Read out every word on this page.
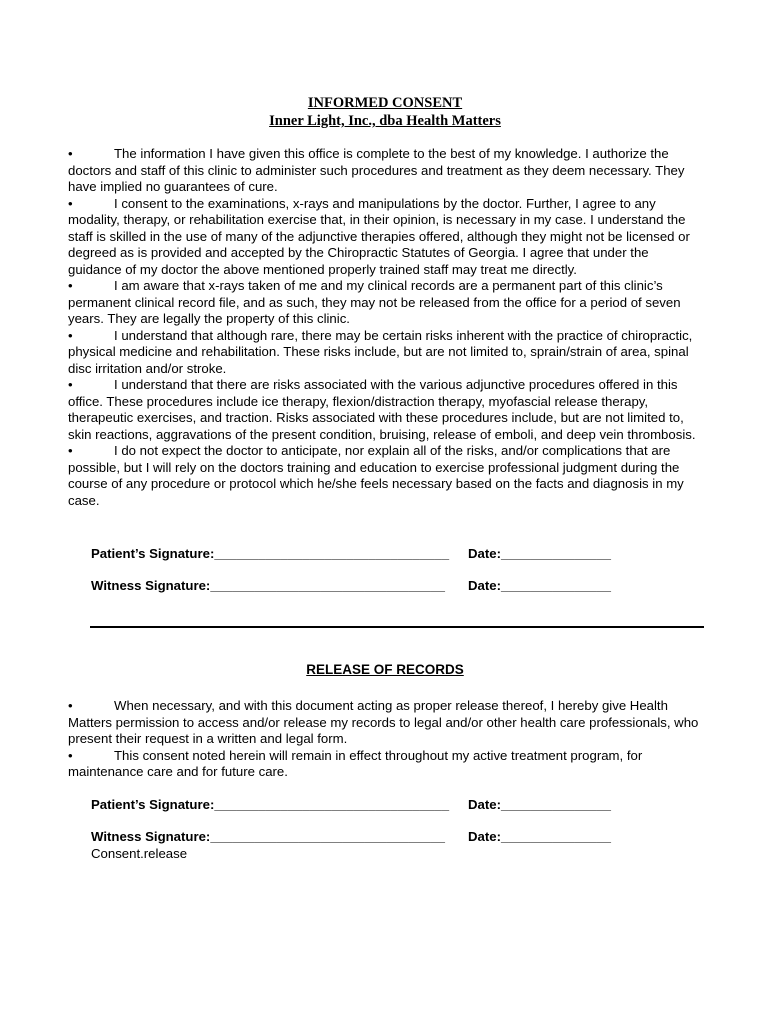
INFORMED CONSENT
Inner Light, Inc., dba Health Matters

•	The information I have given this office is complete to the best of my knowledge. I authorize the doctors and staff of this clinic to administer such procedures and treatment as they deem necessary. They have implied no guarantees of cure.

•	I consent to the examinations, x-rays and manipulations by the doctor. Further, I agree to any modality, therapy, or rehabilitation exercise that, in their opinion, is necessary in my case. I understand the staff is skilled in the use of many of the adjunctive therapies offered, although they might not be licensed or degreed as is provided and accepted by the Chiropractic Statutes of Georgia. I agree that under the guidance of my doctor the above mentioned properly trained staff may treat me directly.

•	I am aware that x-rays taken of me and my clinical records are a permanent part of this clinic’s permanent clinical record file, and as such, they may not be released from the office for a period of seven years. They are legally the property of this clinic.

•	I understand that although rare, there may be certain risks inherent with the practice of chiropractic, physical medicine and rehabilitation. These risks include, but are not limited to, sprain/strain of area, spinal disc irritation and/or stroke.

•	I understand that there are risks associated with the various adjunctive procedures offered in this office. These procedures include ice therapy, flexion/distraction therapy, myofascial release therapy, therapeutic exercises, and traction. Risks associated with these procedures include, but are not limited to, skin reactions, aggravations of the present condition, bruising, release of emboli, and deep vein thrombosis.

•	I do not expect the doctor to anticipate, nor explain all of the risks, and/or complications that are possible, but I will rely on the doctors training and education to exercise professional judgment during the course of any procedure or protocol which he/she feels necessary based on the facts and diagnosis in my case.

Patient’s Signature:________________________________ Date:_______________
Witness Signature:________________________________ Date:_______________
RELEASE OF RECORDS

•	When necessary, and with this document acting as proper release thereof, I hereby give Health Matters permission to access and/or release my records to legal and/or other health care professionals, who present their request in a written and legal form.

•	This consent noted herein will remain in effect throughout my active treatment program, for maintenance care and for future care.

Patient’s Signature:________________________________ Date:_______________
Witness Signature:________________________________ Date:_______________
Consent.release
